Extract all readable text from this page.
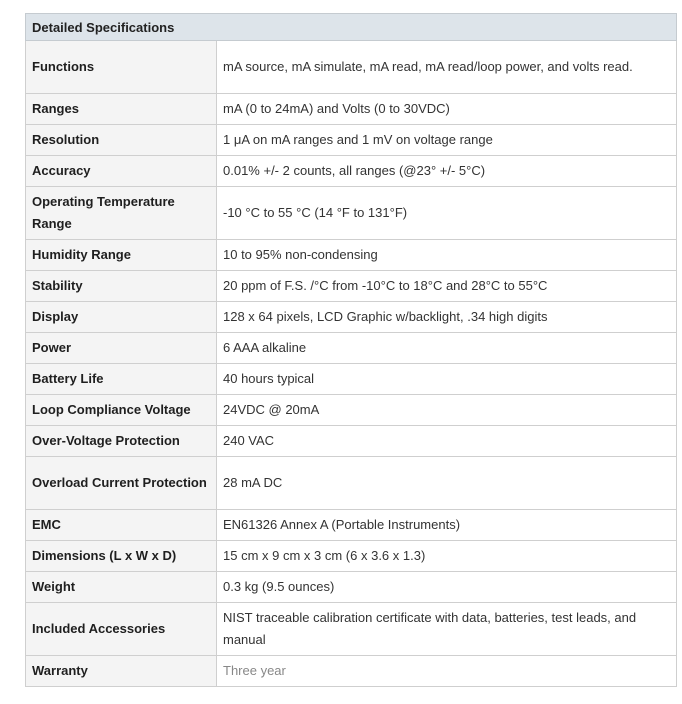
Detailed Specifications	
Functions	mA source, mA simulate, mA read, mA read/loop power, and volts read.
Ranges	mA (0 to 24mA) and Volts (0 to 30VDC)
Resolution	1 μA on mA ranges and 1 mV on voltage range
Accuracy	0.01% +/- 2 counts, all ranges (@23° +/- 5°C)
Operating Temperature Range	-10 °C to 55 °C (14 °F to 131°F)
Humidity Range	10 to 95% non-condensing
Stability	20 ppm of F.S. /°C from -10°C to 18°C and 28°C to 55°C
Display	128 x 64 pixels, LCD Graphic w/backlight, .34 high digits
Power	6 AAA alkaline
Battery Life	40 hours typical
Loop Compliance Voltage	24VDC @ 20mA
Over-Voltage Protection	240 VAC
Overload Current Protection	28 mA DC
EMC	EN61326 Annex A (Portable Instruments)
Dimensions (L x W x D)	15 cm x 9 cm x 3 cm (6 x 3.6 x 1.3)
Weight	0.3 kg (9.5 ounces)
Included Accessories	NIST traceable calibration certificate with data, batteries, test leads, and manual
Warranty	Three year
